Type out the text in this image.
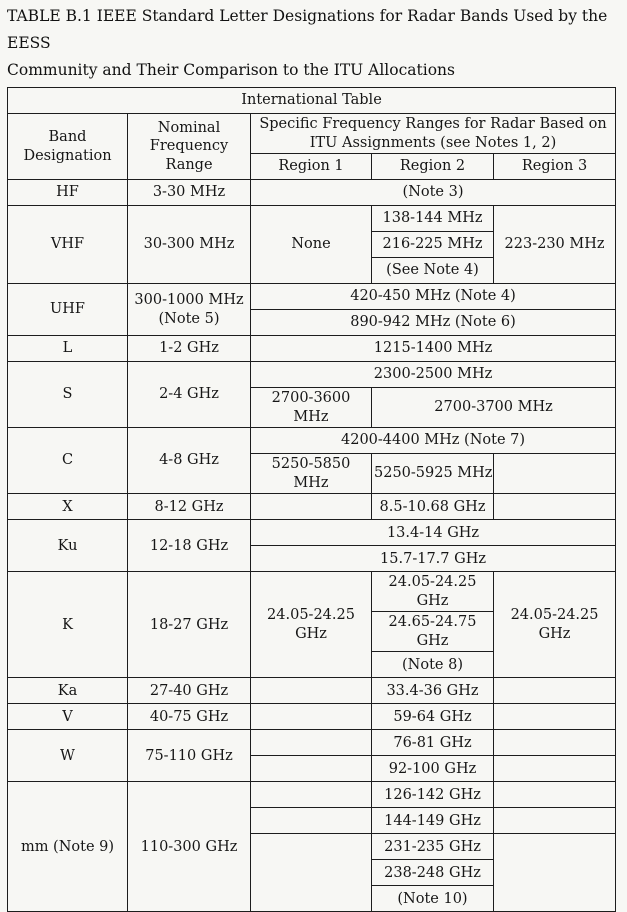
TABLE B.1 IEEE Standard Letter Designations for Radar Bands Used by the EESS
Community and Their Comparison to the ITU Allocations
International Table				
Band Designation	Nominal Frequency Range	Specific Frequency Ranges for Radar Based on ITU Assignments (see Notes 1, 2)		
		Region 1	Region 2	Region 3
HF	3-30 MHz	(Note 3)		
VHF	30-300 MHz	None	138-144 MHz	223-230 MHz
			216-225 MHz	
			(See Note 4)	
UHF	300-1000 MHz (Note 5)	420-450 MHz (Note 4)		
		890-942 MHz (Note 6)		
L	1-2 GHz	1215-1400 MHz		
S	2-4 GHz	2300-2500 MHz		
		2700-3600 MHz	2700-3700 MHz	
C	4-8 GHz	4200-4400 MHz (Note 7)		
		5250-5850 MHz	5250-5925 MHz	
X	8-12 GHz		8.5-10.68 GHz	
Ku	12-18 GHz	13.4-14 GHz		
		15.7-17.7 GHz		
K	18-27 GHz	24.05-24.25 GHz	24.05-24.25 GHz	24.05-24.25 GHz
			24.65-24.75 GHz	
			(Note 8)	
Ka	27-40 GHz		33.4-36 GHz	
V	40-75 GHz		59-64 GHz	
W	75-110 GHz		76-81 GHz	
			92-100 GHz	
mm (Note 9)	110-300 GHz		126-142 GHz	
			144-149 GHz	
			231-235 GHz	
			238-248 GHz	
			(Note 10)	
